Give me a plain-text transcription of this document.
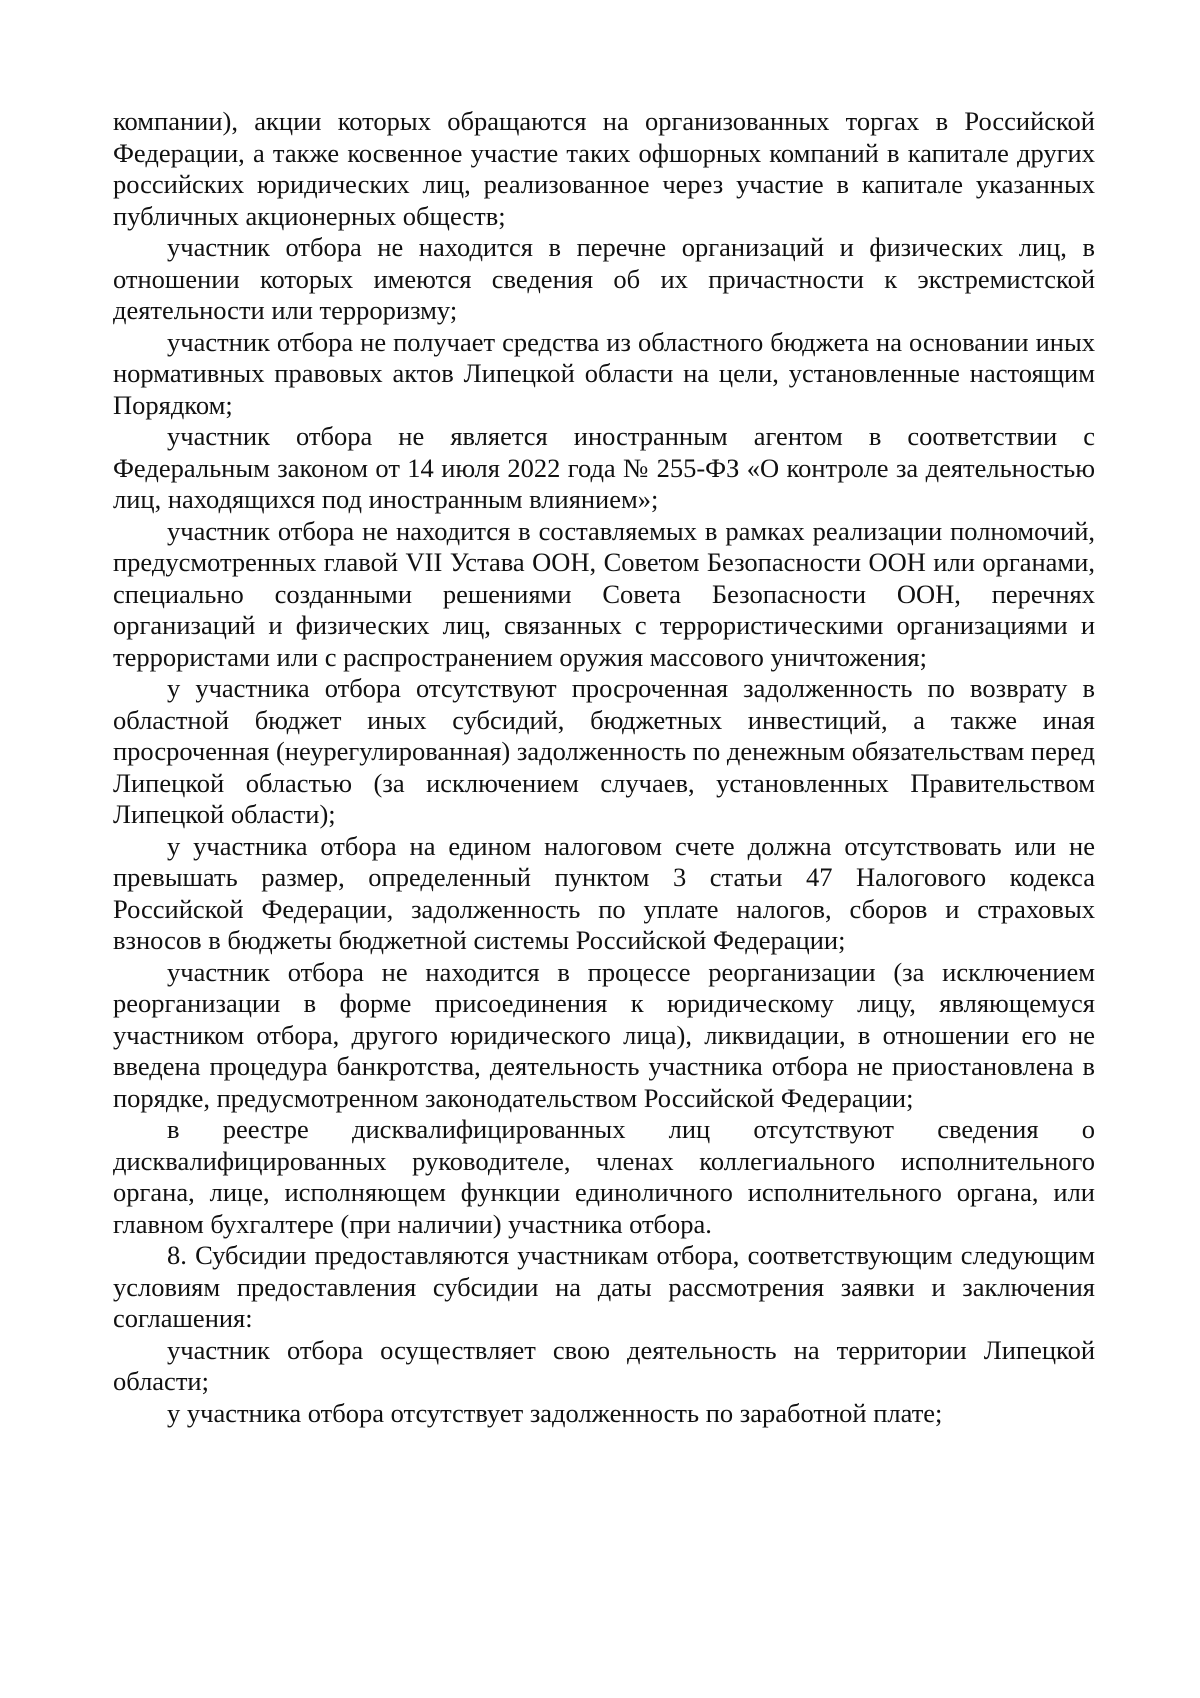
компании), акции которых обращаются на организованных торгах в Российской Федерации, а также косвенное участие таких офшорных компаний в капитале других российских юридических лиц, реализованное через участие в капитале указанных публичных акционерных обществ;

участник отбора не находится в перечне организаций и физических лиц, в отношении которых имеются сведения об их причастности к экстремистской деятельности или терроризму;

участник отбора не получает средства из областного бюджета на основании иных нормативных правовых актов Липецкой области на цели, установленные настоящим Порядком;

участник отбора не является иностранным агентом в соответствии с Федеральным законом от 14 июля 2022 года № 255-ФЗ «О контроле за деятельностью лиц, находящихся под иностранным влиянием»;

участник отбора не находится в составляемых в рамках реализации полномочий, предусмотренных главой VII Устава ООН, Советом Безопасности ООН или органами, специально созданными решениями Совета Безопасности ООН, перечнях организаций и физических лиц, связанных с террористическими организациями и террористами или с распространением оружия массового уничтожения;

у участника отбора отсутствуют просроченная задолженность по возврату в областной бюджет иных субсидий, бюджетных инвестиций, а также иная просроченная (неурегулированная) задолженность по денежным обязательствам перед Липецкой областью (за исключением случаев, установленных Правительством Липецкой области);

у участника отбора на едином налоговом счете должна отсутствовать или не превышать размер, определенный пунктом 3 статьи 47 Налогового кодекса Российской Федерации, задолженность по уплате налогов, сборов и страховых взносов в бюджеты бюджетной системы Российской Федерации;

участник отбора не находится в процессе реорганизации (за исключением реорганизации в форме присоединения к юридическому лицу, являющемуся участником отбора, другого юридического лица), ликвидации, в отношении его не введена процедура банкротства, деятельность участника отбора не приостановлена в порядке, предусмотренном законодательством Российской Федерации;

в реестре дисквалифицированных лиц отсутствуют сведения о дисквалифицированных руководителе, членах коллегиального исполнительного органа, лице, исполняющем функции единоличного исполнительного органа, или главном бухгалтере (при наличии) участника отбора.

8. Субсидии предоставляются участникам отбора, соответствующим следующим условиям предоставления субсидии на даты рассмотрения заявки и заключения соглашения:

участник отбора осуществляет свою деятельность на территории Липецкой области;

у участника отбора отсутствует задолженность по заработной плате;
